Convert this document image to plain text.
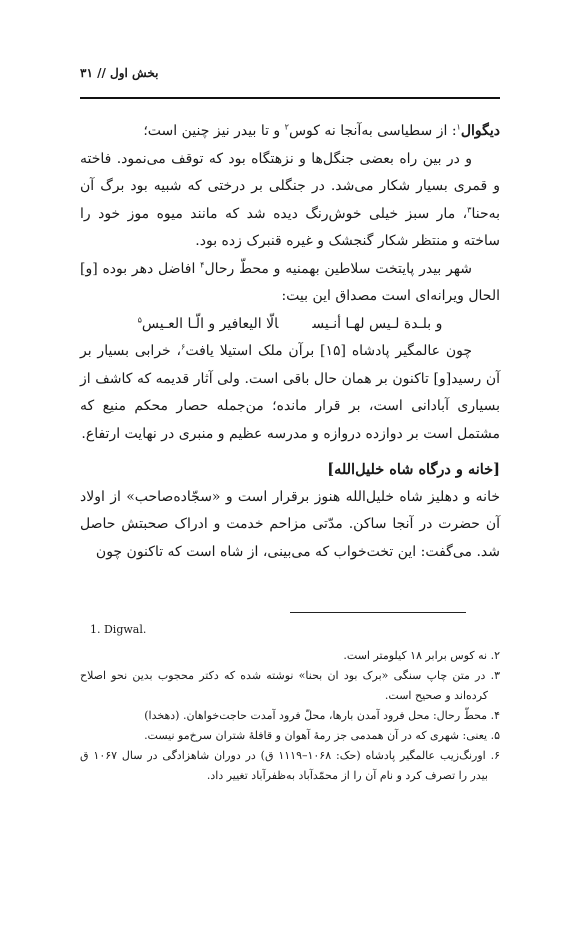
بخش اول // ۳۱

دیگوال$^۱$: از سطیاسی به‌آنجا نه کوس$^۲$ و تا بیدر نیز چنین است؛

و در بین راه بعضی جنگل‌ها و نزهتگاه بود که توقف می‌نمود. فاخته و قمری بسیار شکار می‌شد. در جنگلی بر درختی که شبیه بود برگ آن به‌حنا$^۳$، مار سبز خیلی خوش‌رنگ دیده شد که مانند میوه موز خود را ساخته و منتظر شکار گنجشک و غیره قنبرک زده بود.

شهر بیدر پایتخت سلاطین بهمنیه و محطّ رحال$^۴$ افاضل دهر بوده [و] الحال ویرانه‌ای است مصداق این بیت:

و بلـدة لـیس لهـا أنـیسالّا الیعافیر و الّـا العـیس$^۵$

چون عالمگیر پادشاه [۱۵] برآن ملک استیلا یافت$^۶$، خرابی بسیار بر آن رسید[و] تاکنون بر همان حال باقی است. ولی آثار قدیمه که کاشف از بسیاری آبادانی است، بر قرار مانده؛ من‌جمله حصار محکم منیع که مشتمل است بر دوازده دروازه و مدرسه عظیم و منبری در نهایت ارتفاع.

[خانه و درگاه شاه خلیل‌الله]

خانه و دهلیز شاه خلیل‌الله هنوز برقرار است و «سجّاده‌صاحب» از اولاد آن حضرت در آنجا ساکن. مدّتی مزاحم خدمت و ادراک صحبتش حاصل شد. می‌گفت: این تخت‌خواب که می‌بینی، از شاه است که تاکنون چون

1. Digwal.
۲. نه کوس برابر ۱۸ کیلومتر است.
۳. در متن چاپ سنگی «برک بود ان بحنا» نوشته شده که دکتر محجوب بدین نحو اصلاح کرده‌اند و صحیح است.
۴. محطّ رحال: محل فرود آمدن بارها، محلّ فرود آمدت حاجت‌خواهان. (دهخدا)
۵. یعنی: شهری که در آن همدمی جز رمهٔ آهوان و قافلهٔ شتران سرخ‌مو نیست.
۶. اورنگ‌زیب عالمگیر پادشاه (حک: ۱۰۶۸–۱۱۱۹ ق) در دوران شاهزادگی در سال ۱۰۶۷ ق بیدر را تصرف کرد و نام آن را از محمّدآباد به‌ظفرآباد تغییر داد.
